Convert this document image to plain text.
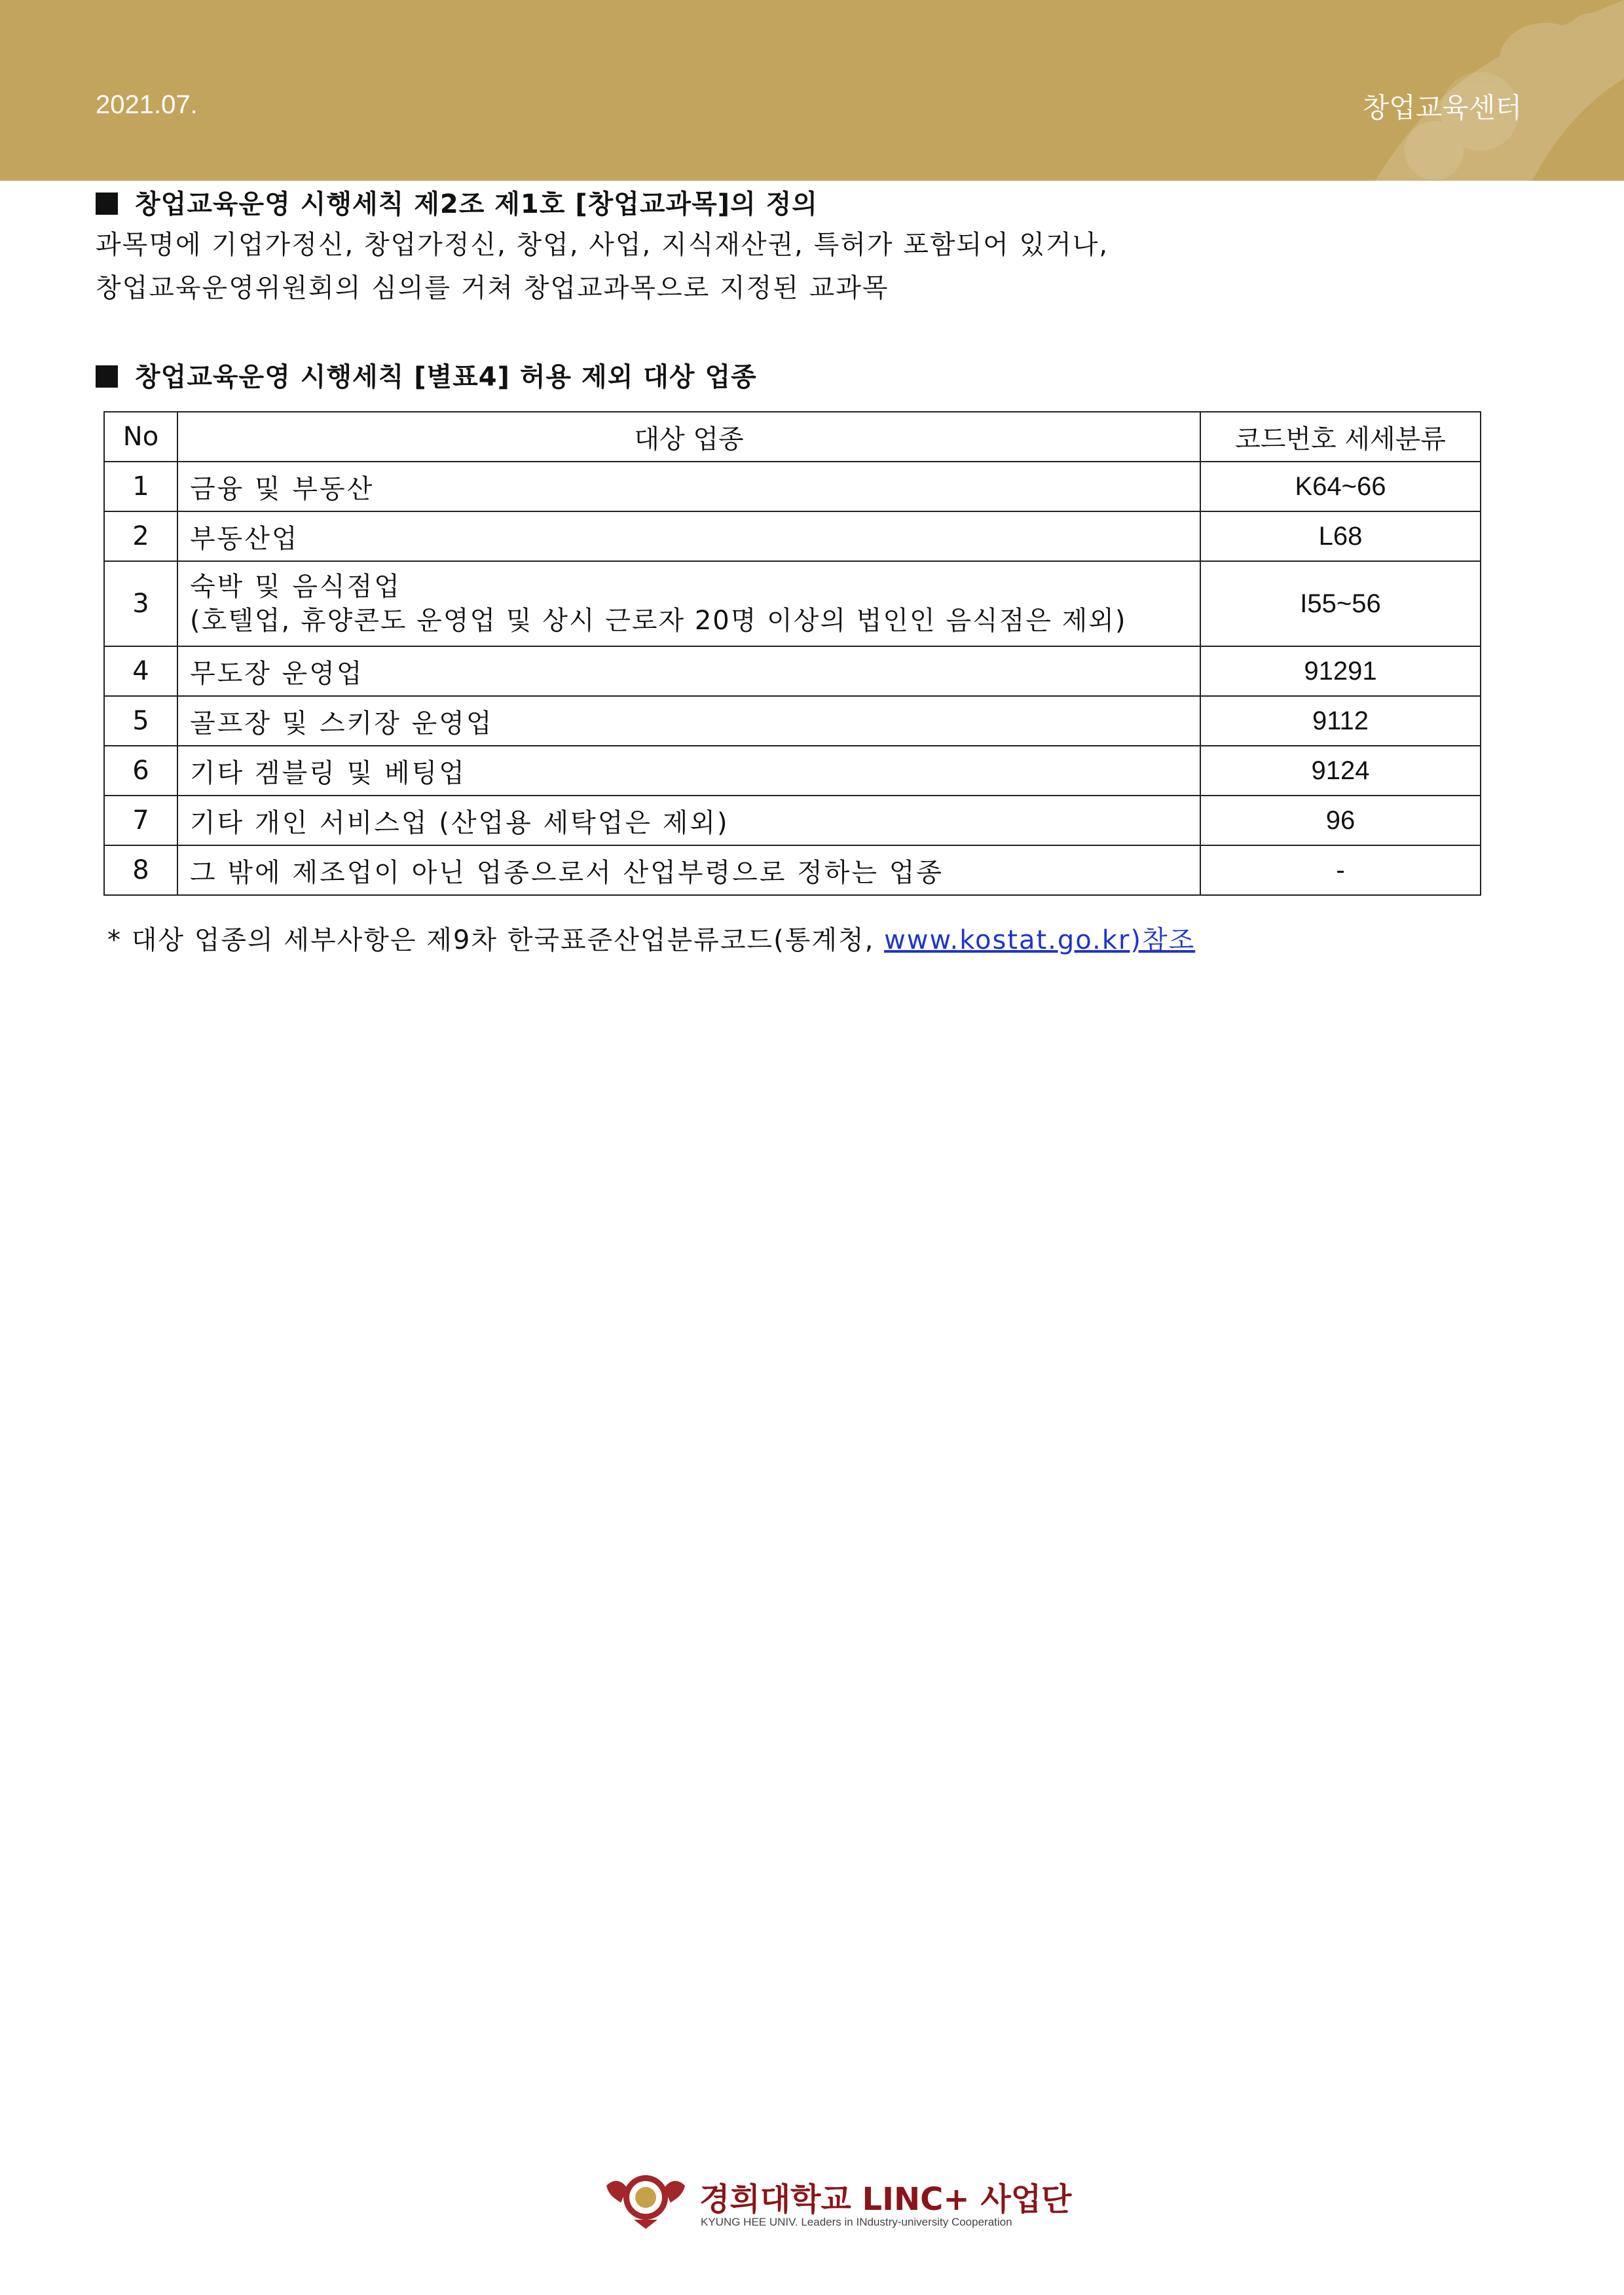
2021.07.	창업교육센터
창업교육운영 시행세칙 제2조 제1호 [창업교과목]의 정의
과목명에 기업가정신, 창업가정신, 창업, 사업, 지식재산권, 특허가 포함되어 있거나,
창업교육운영위원회의 심의를 거쳐 창업교과목으로 지정된 교과목
창업교육운영 시행세칙 [별표4] 허용 제외 대상 업종
No	대상 업종	코드번호 세세분류
1	금융 및 부동산	K64~66
2	부동산업	L68
3	숙박 및 음식점업
(호텔업, 휴양콘도 운영업 및 상시 근로자 20명 이상의 법인인 음식점은 제외)	I55~56
4	무도장 운영업	91291
5	골프장 및 스키장 운영업	9112
6	기타 겜블링 및 베팅업	9124
7	기타 개인 서비스업 (산업용 세탁업은 제외)	96
8	그 밖에 제조업이 아닌 업종으로서 산업부령으로 정하는 업종	-
* 대상 업종의 세부사항은 제9차 한국표준산업분류코드(통계청, www.kostat.go.kr)참조
경희대학교 LINC+ 사업단
KYUNG HEE UNIV. Leaders in INdustry-university Cooperation
